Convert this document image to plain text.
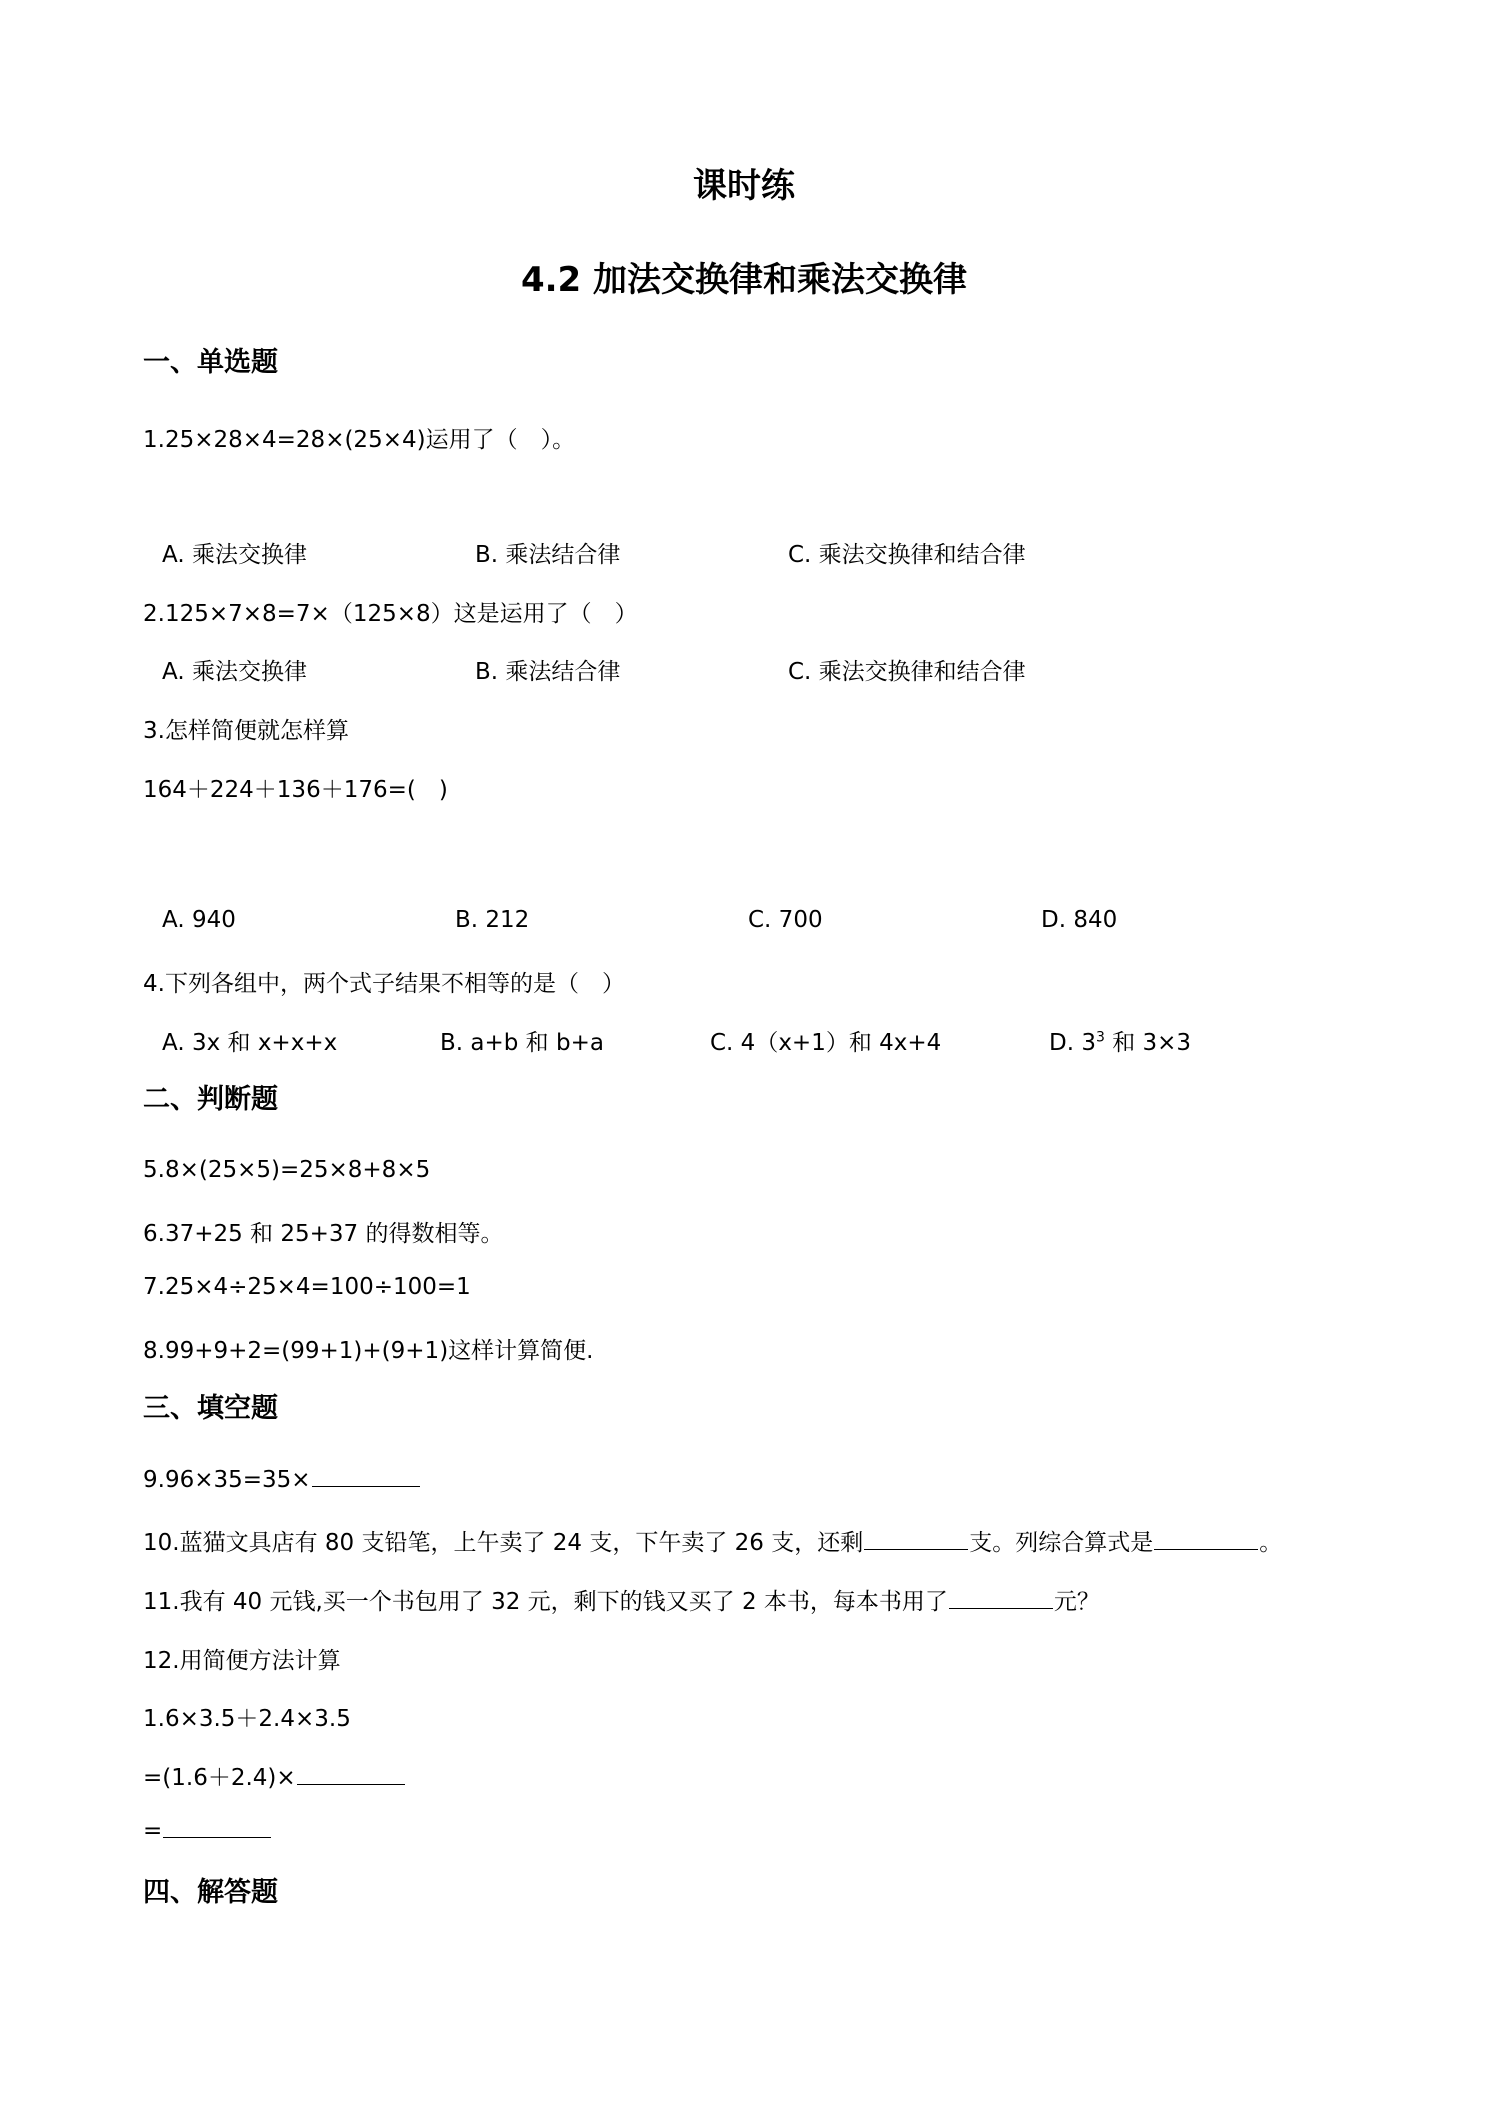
课时练
4.2 加法交换律和乘法交换律
一、单选题
1.25×28×4=28×(25×4)运用了（　）。
A. 乘法交换律	B. 乘法结合律	C. 乘法交换律和结合律
2.125×7×8=7×（125×8）这是运用了（　）
A. 乘法交换律	B. 乘法结合律	C. 乘法交换律和结合律
3.怎样简便就怎样算
164＋224＋136＋176=(　)
A. 940	B. 212	C. 700	D. 840
4.下列各组中，两个式子结果不相等的是（　）
A. 3x 和 x+x+x	B. a+b 和 b+a	C. 4（x+1）和 4x+4	D. $3^3$ 和 3×3
二、判断题
5.8×(25×5)=25×8+8×5
6.37+25 和 25+37 的得数相等。
7.25×4÷25×4=100÷100=1
8.99+9+2=(99+1)+(9+1)这样计算简便.
三、填空题
9.96×35=35×
10.蓝猫文具店有 80 支铅笔，上午卖了 24 支，下午卖了 26 支，还剩	支。列综合算式是	。
11.我有 40 元钱,买一个书包用了 32 元，剩下的钱又买了 2 本书，每本书用了	元？
12.用简便方法计算
1.6×3.5＋2.4×3.5
=(1.6＋2.4)×
=
四、解答题
